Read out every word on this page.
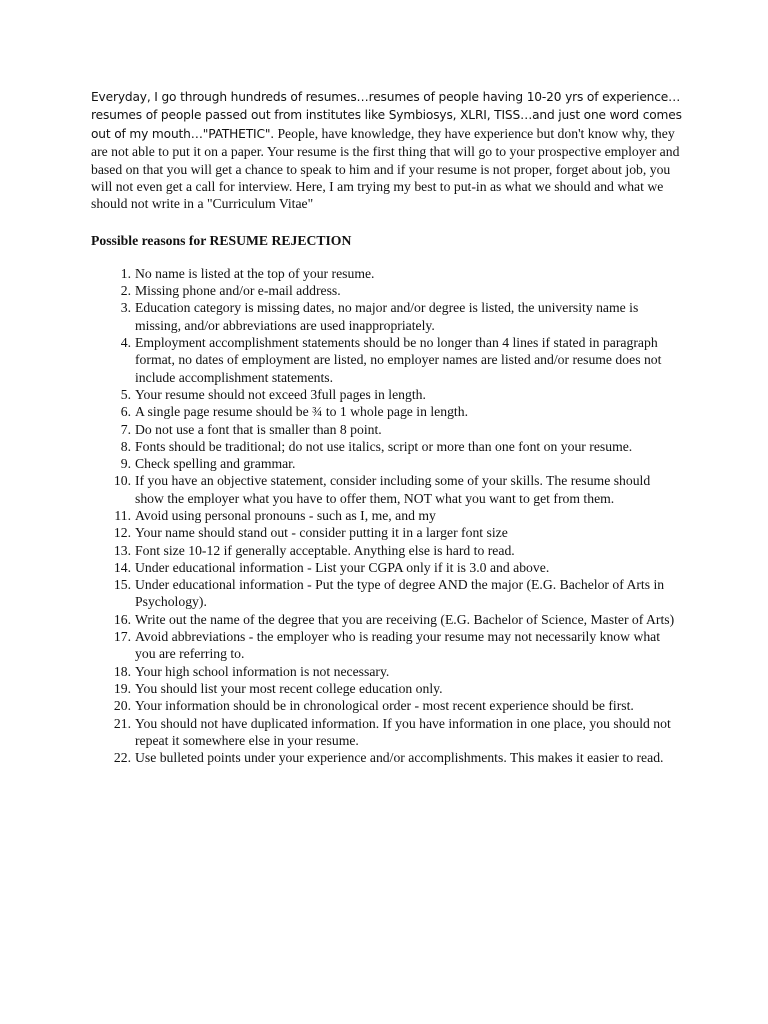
Everyday, I go through hundreds of resumes…resumes of people having 10-20 yrs of experience…resumes of people passed out from institutes like Symbiosys, XLRI, TISS…and just one word comes out of my mouth…"PATHETIC". People, have knowledge, they have experience but don't know why, they are not able to put it on a paper. Your resume is the first thing that will go to your prospective employer and based on that you will get a chance to speak to him and if your resume is not proper, forget about job, you will not even get a call for interview. Here, I am trying my best to put-in as what we should and what we should not write in a "Curriculum Vitae"

Possible reasons for RESUME REJECTION

1. No name is listed at the top of your resume.
2. Missing phone and/or e-mail address.
3. Education category is missing dates, no major and/or degree is listed, the university name is missing, and/or abbreviations are used inappropriately.
4. Employment accomplishment statements should be no longer than 4 lines if stated in paragraph format, no dates of employment are listed, no employer names are listed and/or resume does not include accomplishment statements.
5. Your resume should not exceed 3full pages in length.
6. A single page resume should be ¾ to 1 whole page in length.
7. Do not use a font that is smaller than 8 point.
8. Fonts should be traditional; do not use italics, script or more than one font on your resume.
9. Check spelling and grammar.
10. If you have an objective statement, consider including some of your skills. The resume should show the employer what you have to offer them, NOT what you want to get from them.
11. Avoid using personal pronouns - such as I, me, and my
12. Your name should stand out - consider putting it in a larger font size
13. Font size 10-12 if generally acceptable. Anything else is hard to read.
14. Under educational information - List your CGPA only if it is 3.0 and above.
15. Under educational information - Put the type of degree AND the major (E.G. Bachelor of Arts in Psychology).
16. Write out the name of the degree that you are receiving (E.G. Bachelor of Science, Master of Arts)
17. Avoid abbreviations - the employer who is reading your resume may not necessarily know what you are referring to.
18. Your high school information is not necessary.
19. You should list your most recent college education only.
20. Your information should be in chronological order - most recent experience should be first.
21. You should not have duplicated information. If you have information in one place, you should not repeat it somewhere else in your resume.
22. Use bulleted points under your experience and/or accomplishments. This makes it easier to read.
